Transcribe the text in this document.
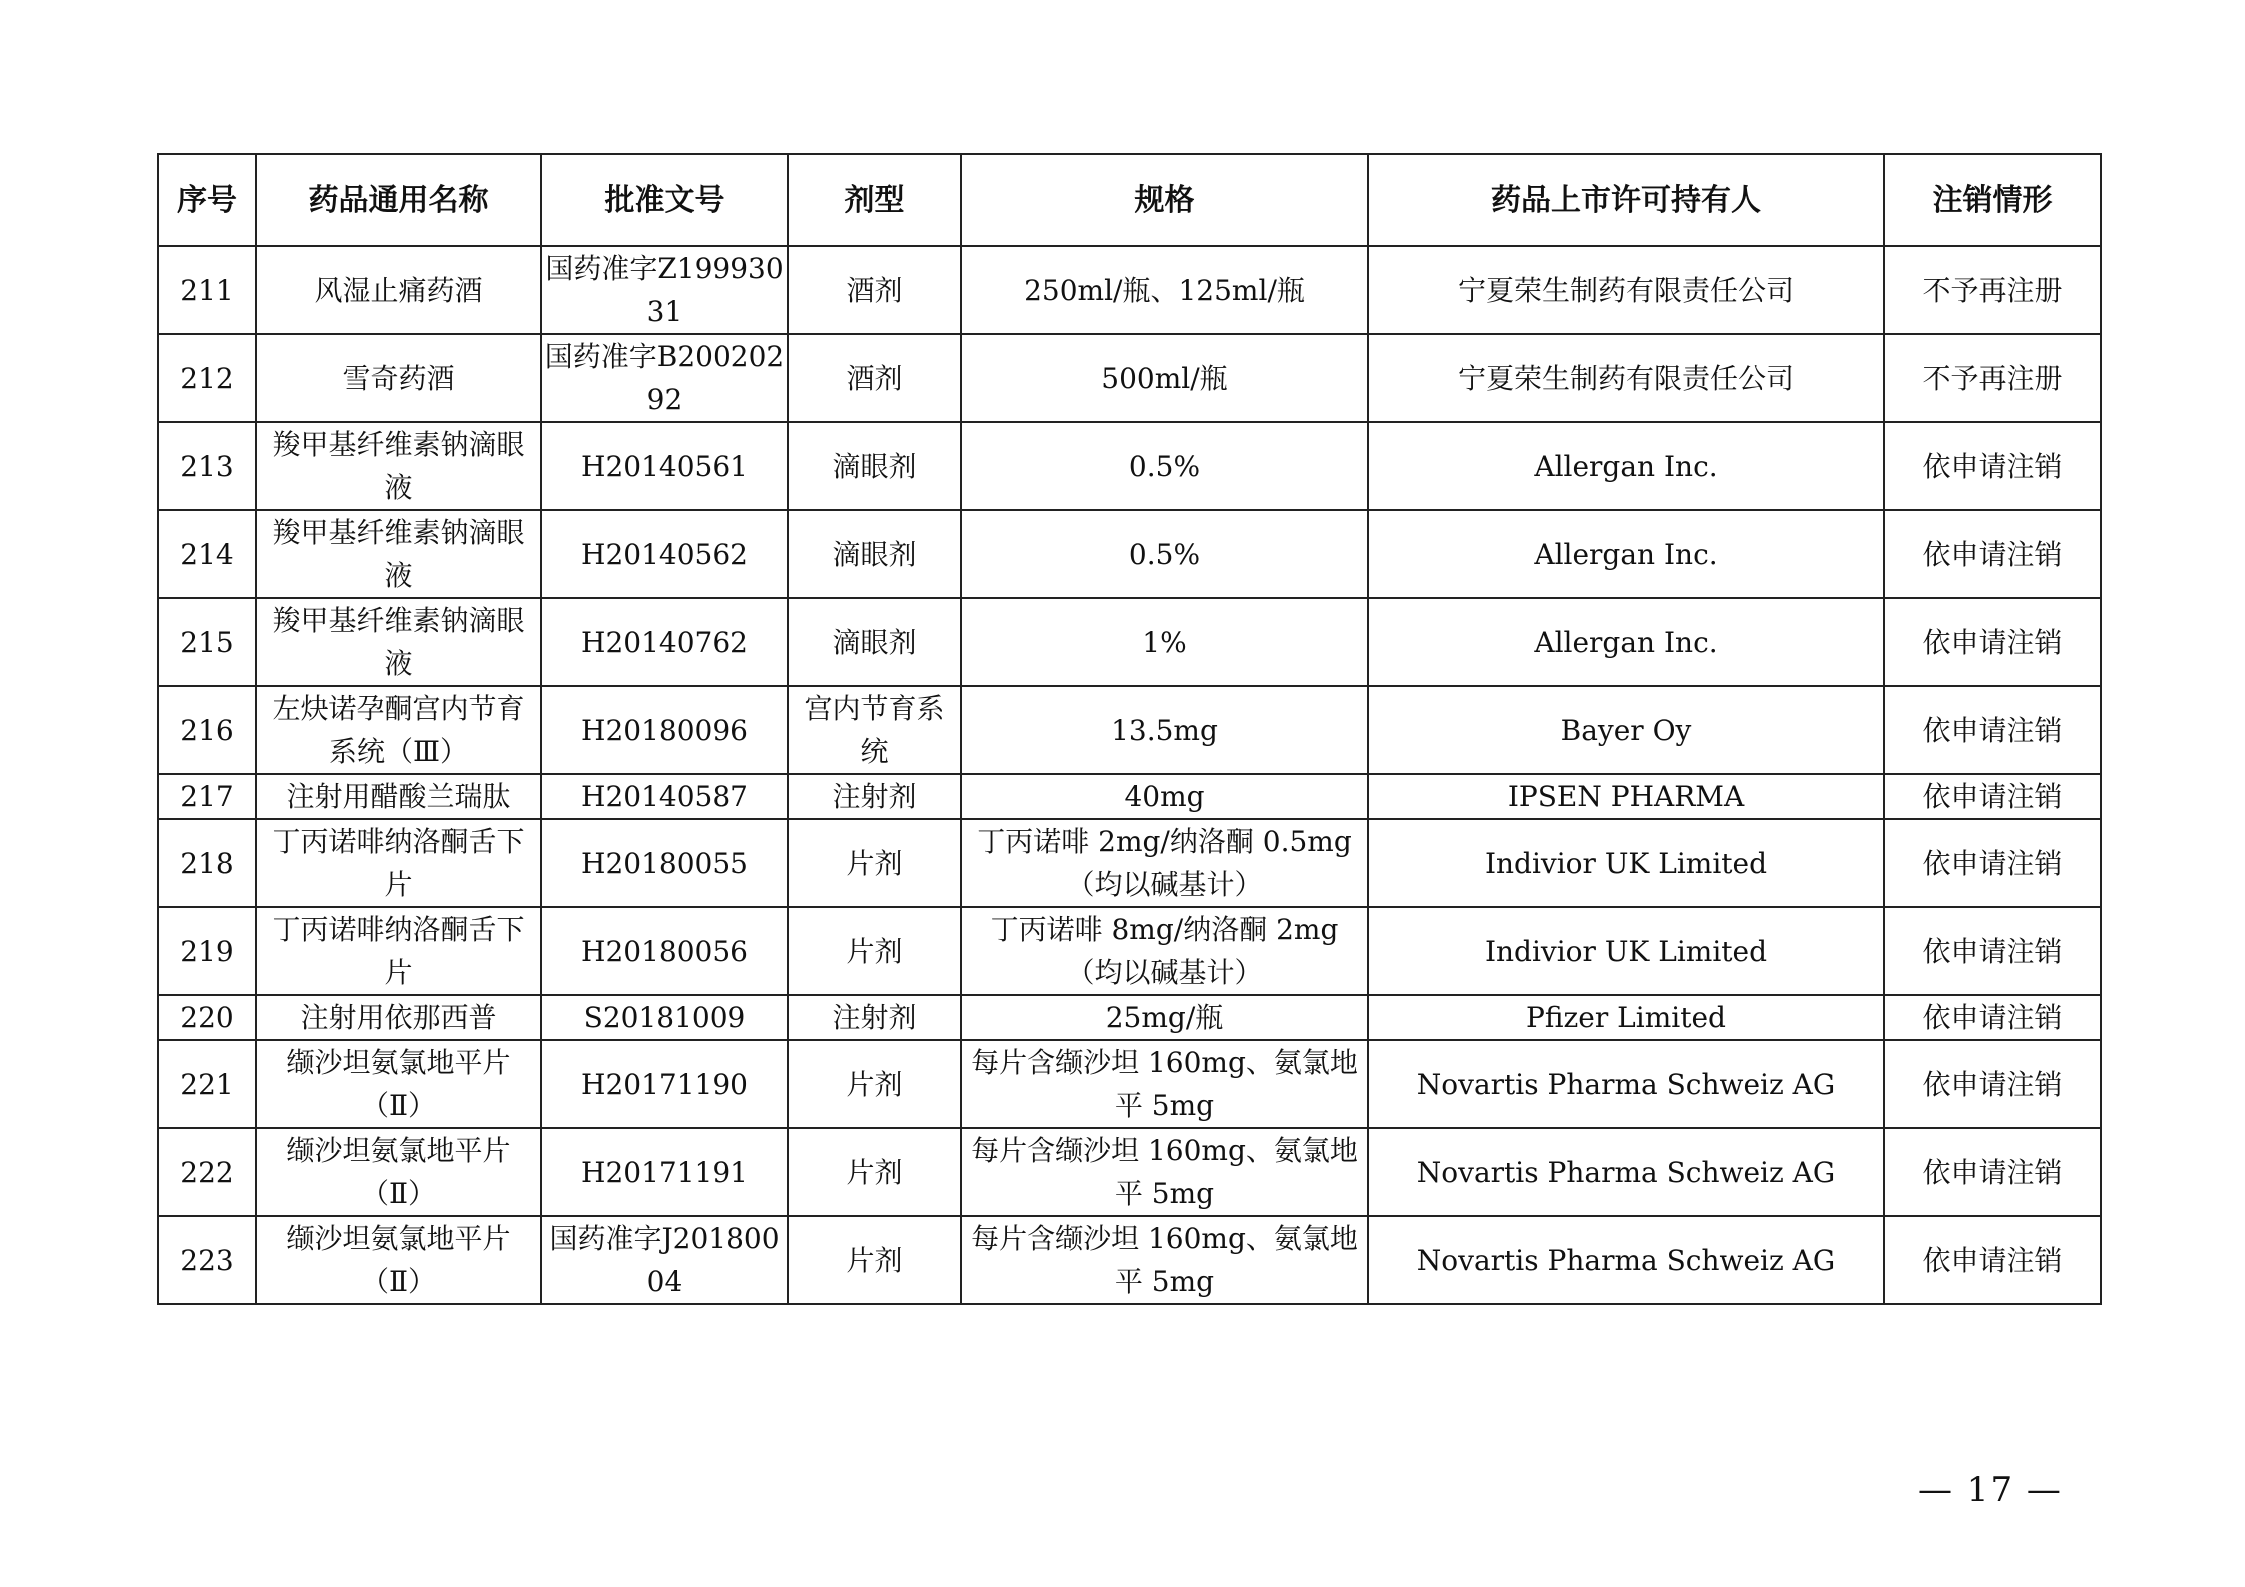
序号	药品通用名称	批准文号	剂型	规格	药品上市许可持有人	注销情形

211	风湿止痛药酒	国药准字Z19993031	酒剂	250ml/瓶、125ml/瓶	宁夏荣生制药有限责任公司	不予再注册

212	雪奇药酒	国药准字B20020292	酒剂	500ml/瓶	宁夏荣生制药有限责任公司	不予再注册

213	羧甲基纤维素钠滴眼液	H20140561	滴眼剂	0.5%	Allergan Inc.	依申请注销

214	羧甲基纤维素钠滴眼液	H20140562	滴眼剂	0.5%	Allergan Inc.	依申请注销

215	羧甲基纤维素钠滴眼液	H20140762	滴眼剂	1%	Allergan Inc.	依申请注销

216	左炔诺孕酮宫内节育系统（Ⅲ）	H20180096	宫内节育系统	13.5mg	Bayer Oy	依申请注销

217	注射用醋酸兰瑞肽	H20140587	注射剂	40mg	IPSEN PHARMA	依申请注销

218	丁丙诺啡纳洛酮舌下片	H20180055	片剂	丁丙诺啡 2mg/纳洛酮 0.5mg（均以碱基计）	Indivior UK Limited	依申请注销

219	丁丙诺啡纳洛酮舌下片	H20180056	片剂	丁丙诺啡 8mg/纳洛酮 2mg（均以碱基计）	Indivior UK Limited	依申请注销

220	注射用依那西普	S20181009	注射剂	25mg/瓶	Pfizer Limited	依申请注销

221	缬沙坦氨氯地平片（Ⅱ）	H20171190	片剂	每片含缬沙坦 160mg、氨氯地平 5mg	Novartis Pharma Schweiz AG	依申请注销

222	缬沙坦氨氯地平片（Ⅱ）	H20171191	片剂	每片含缬沙坦 160mg、氨氯地平 5mg	Novartis Pharma Schweiz AG	依申请注销

223	缬沙坦氨氯地平片（Ⅱ）	国药准字J20180004	片剂	每片含缬沙坦 160mg、氨氯地平 5mg	Novartis Pharma Schweiz AG	依申请注销
— 17 —
